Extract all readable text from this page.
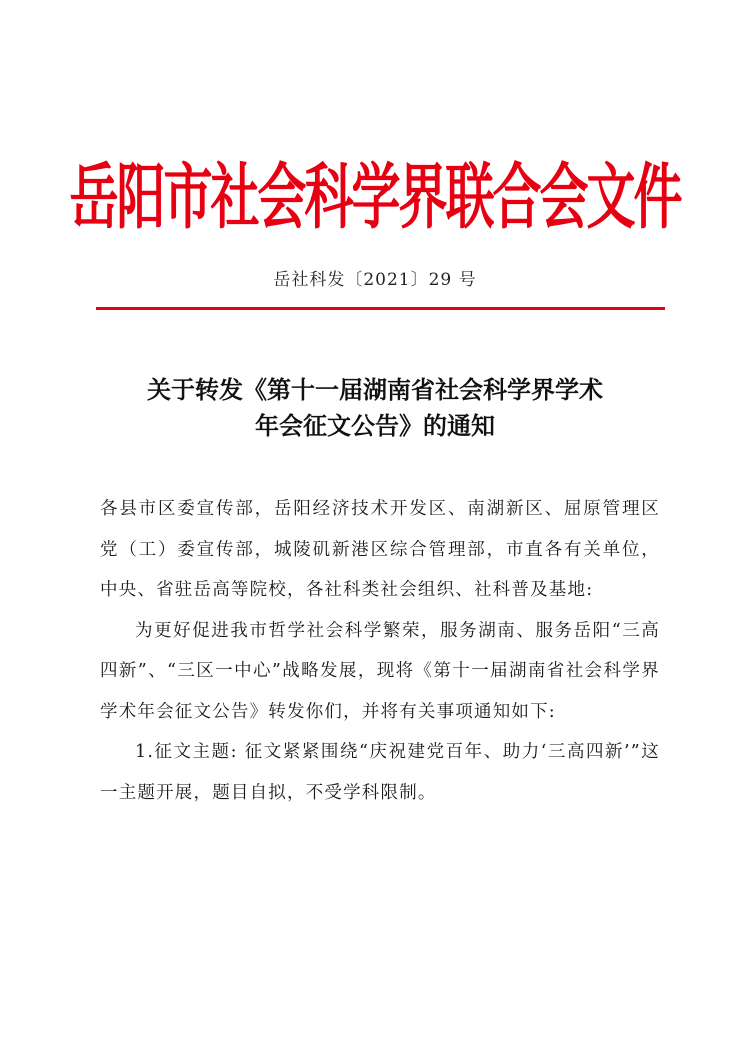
岳阳市社会科学界联合会文件
岳社科发〔2021〕29 号
关于转发《第十一届湖南省社会科学界学术
年会征文公告》的通知

各县市区委宣传部，岳阳经济技术开发区、南湖新区、屈原管理区党（工）委宣传部，城陵矶新港区综合管理部，市直各有关单位，中央、省驻岳高等院校，各社科类社会组织、社科普及基地:

为更好促进我市哲学社会科学繁荣，服务湖南、服务岳阳“三高四新”、“三区一中心”战略发展，现将《第十一届湖南省社会科学界学术年会征文公告》转发你们，并将有关事项通知如下:

1.征文主题: 征文紧紧围绕“庆祝建党百年、助力‘三高四新’”这一主题开展，题目自拟，不受学科限制。
